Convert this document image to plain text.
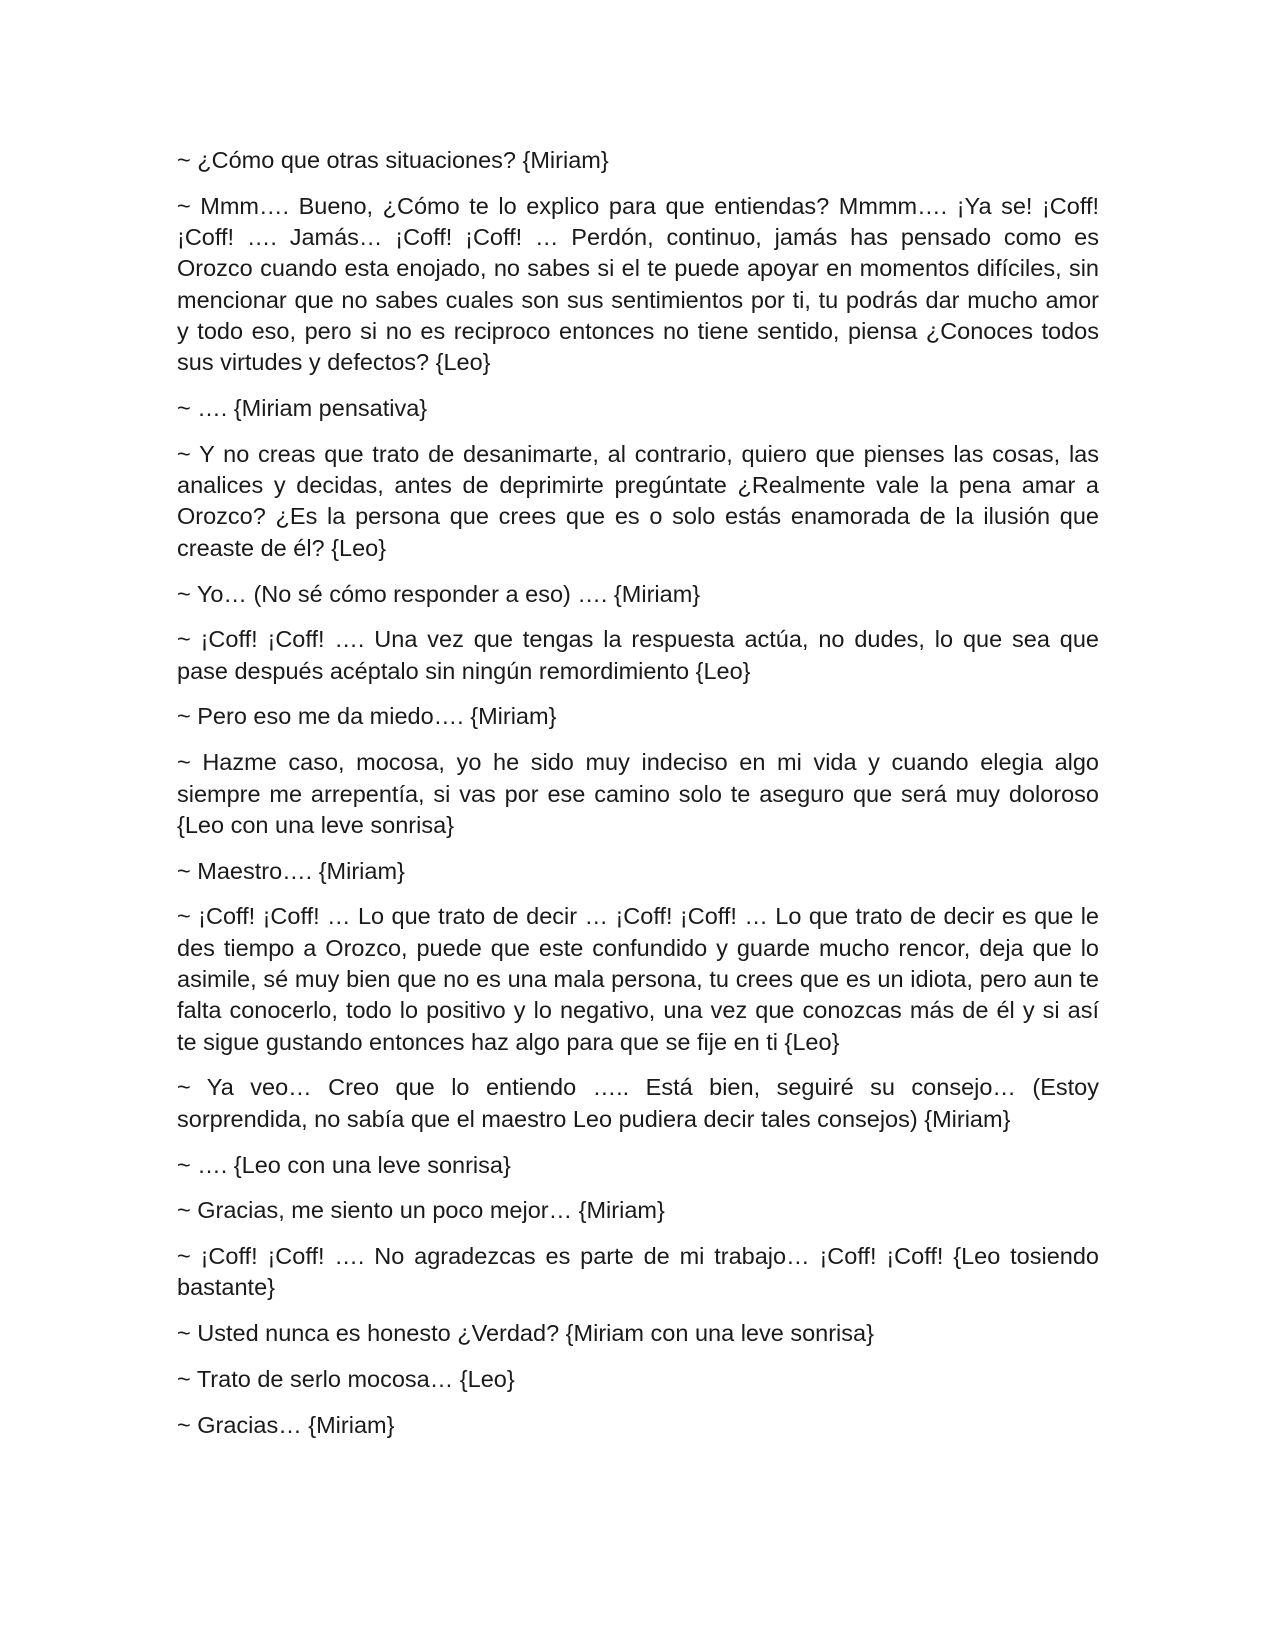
~ ¿Cómo que otras situaciones? {Miriam}

~ Mmm…. Bueno, ¿Cómo te lo explico para que entiendas? Mmmm…. ¡Ya se! ¡Coff! ¡Coff! …. Jamás… ¡Coff! ¡Coff! … Perdón, continuo, jamás has pensado como es Orozco cuando esta enojado, no sabes si el te puede apoyar en momentos difíciles, sin mencionar que no sabes cuales son sus sentimientos por ti, tu podrás dar mucho amor y todo eso, pero si no es reciproco entonces no tiene sentido, piensa ¿Conoces todos sus virtudes y defectos? {Leo}

~ …. {Miriam pensativa}

~ Y no creas que trato de desanimarte, al contrario, quiero que pienses las cosas, las analices y decidas, antes de deprimirte pregúntate ¿Realmente vale la pena amar a Orozco? ¿Es la persona que crees que es o solo estás enamorada de la ilusión que creaste de él? {Leo}

~ Yo… (No sé cómo responder a eso) …. {Miriam}

~ ¡Coff! ¡Coff! …. Una vez que tengas la respuesta actúa, no dudes, lo que sea que pase después acéptalo sin ningún remordimiento {Leo}

~ Pero eso me da miedo…. {Miriam}

~ Hazme caso, mocosa, yo he sido muy indeciso en mi vida y cuando elegia algo siempre me arrepentía, si vas por ese camino solo te aseguro que será muy doloroso {Leo con una leve sonrisa}

~ Maestro…. {Miriam}

~ ¡Coff! ¡Coff! … Lo que trato de decir … ¡Coff! ¡Coff! … Lo que trato de decir es que le des tiempo a Orozco, puede que este confundido y guarde mucho rencor, deja que lo asimile, sé muy bien que no es una mala persona, tu crees que es un idiota, pero aun te falta conocerlo, todo lo positivo y lo negativo, una vez que conozcas más de él y si así te sigue gustando entonces haz algo para que se fije en ti {Leo}

~ Ya veo… Creo que lo entiendo ….. Está bien, seguiré su consejo… (Estoy sorprendida, no sabía que el maestro Leo pudiera decir tales consejos) {Miriam}

~ …. {Leo con una leve sonrisa}

~ Gracias, me siento un poco mejor… {Miriam}

~ ¡Coff! ¡Coff! …. No agradezcas es parte de mi trabajo… ¡Coff! ¡Coff! {Leo tosiendo bastante}

~ Usted nunca es honesto ¿Verdad? {Miriam con una leve sonrisa}

~ Trato de serlo mocosa… {Leo}

~ Gracias… {Miriam}
